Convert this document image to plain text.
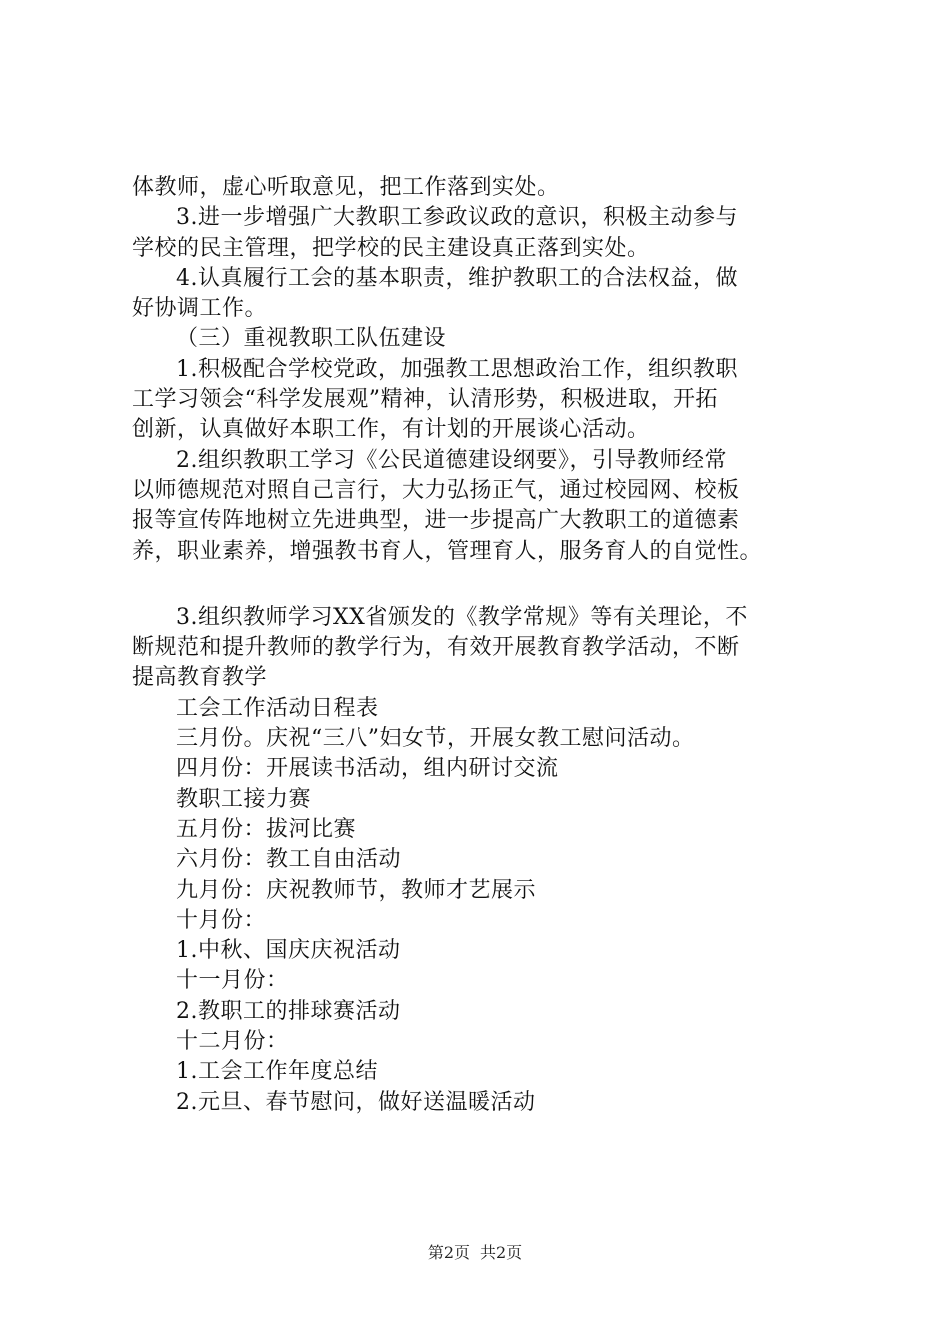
体教师，虚心听取意见，把工作落到实处。
3.进一步增强广大教职工参政议政的意识，积极主动参与
学校的民主管理，把学校的民主建设真正落到实处。
4.认真履行工会的基本职责，维护教职工的合法权益，做
好协调工作。
（三）重视教职工队伍建设
1.积极配合学校党政，加强教工思想政治工作，组织教职
工学习领会“科学发展观”精神，认清形势，积极进取，开拓
创新，认真做好本职工作，有计划的开展谈心活动。
2.组织教职工学习《公民道德建设纲要》，引导教师经常
以师德规范对照自己言行，大力弘扬正气，通过校园网、校板
报等宣传阵地树立先进典型，进一步提高广大教职工的道德素
养，职业素养，增强教书育人，管理育人，服务育人的自觉性。
3.组织教师学习XX省颁发的《教学常规》等有关理论，不
断规范和提升教师的教学行为，有效开展教育教学活动，不断
提高教育教学
工会工作活动日程表
三月份。庆祝“三八”妇女节，开展女教工慰问活动。
四月份：开展读书活动，组内研讨交流
教职工接力赛
五月份：拔河比赛
六月份：教工自由活动
九月份：庆祝教师节，教师才艺展示
十月份：
1.中秋、国庆庆祝活动
十一月份：
2.教职工的排球赛活动
十二月份：
1.工会工作年度总结
2.元旦、春节慰问，做好送温暖活动
第2页 共2页
